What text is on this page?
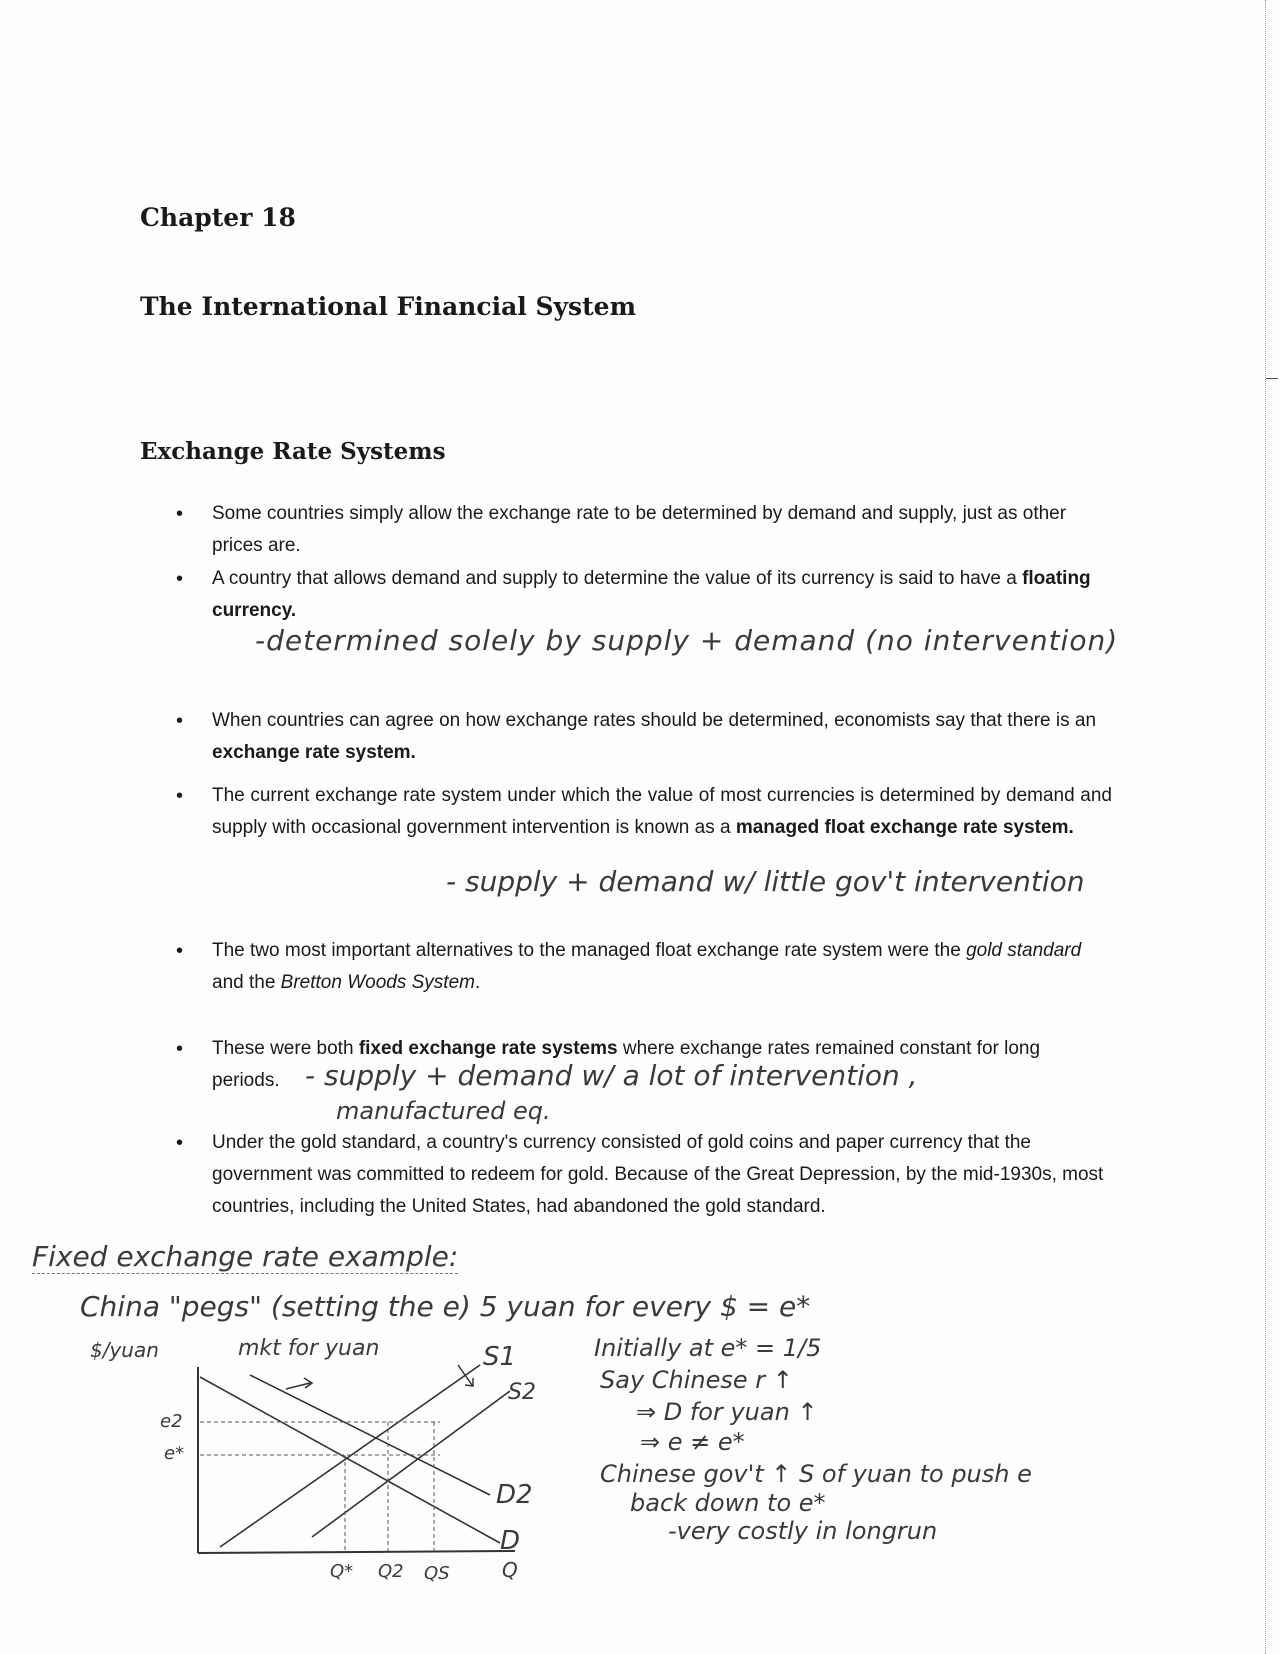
Chapter 18
The International Financial System
Exchange Rate Systems
• Some countries simply allow the exchange rate to be determined by demand and supply, just as other prices are.
• A country that allows demand and supply to determine the value of its currency is said to have a floating currency.
-determined solely by supply + demand (no intervention)
• When countries can agree on how exchange rates should be determined, economists say that there is an exchange rate system.
• The current exchange rate system under which the value of most currencies is determined by demand and supply with occasional government intervention is known as a managed float exchange rate system.
- supply + demand w/ little gov't intervention
• The two most important alternatives to the managed float exchange rate system were the gold standard and the Bretton Woods System.
• These were both fixed exchange rate systems where exchange rates remained constant for long periods. - supply + demand w/ a lot of intervention ,
manufactured eq.
• Under the gold standard, a country's currency consisted of gold coins and paper currency that the government was committed to redeem for gold. Because of the Great Depression, by the mid-1930s, most countries, including the United States, had abandoned the gold standard.
Fixed exchange rate example:
China "pegs" (setting the e) 5 yuan for every $ = e*
Initially at e* = 1/5
Say Chinese r ↑
⇒ D for yuan ↑
⇒ e ≠ e*
Chinese gov't ↑ S of yuan to push e
back down to e*
-very costly in longrun
$/yuan	mkt for yuan	S1
S2
D2
D
e2
e*
Q* Q2 QS	Q
